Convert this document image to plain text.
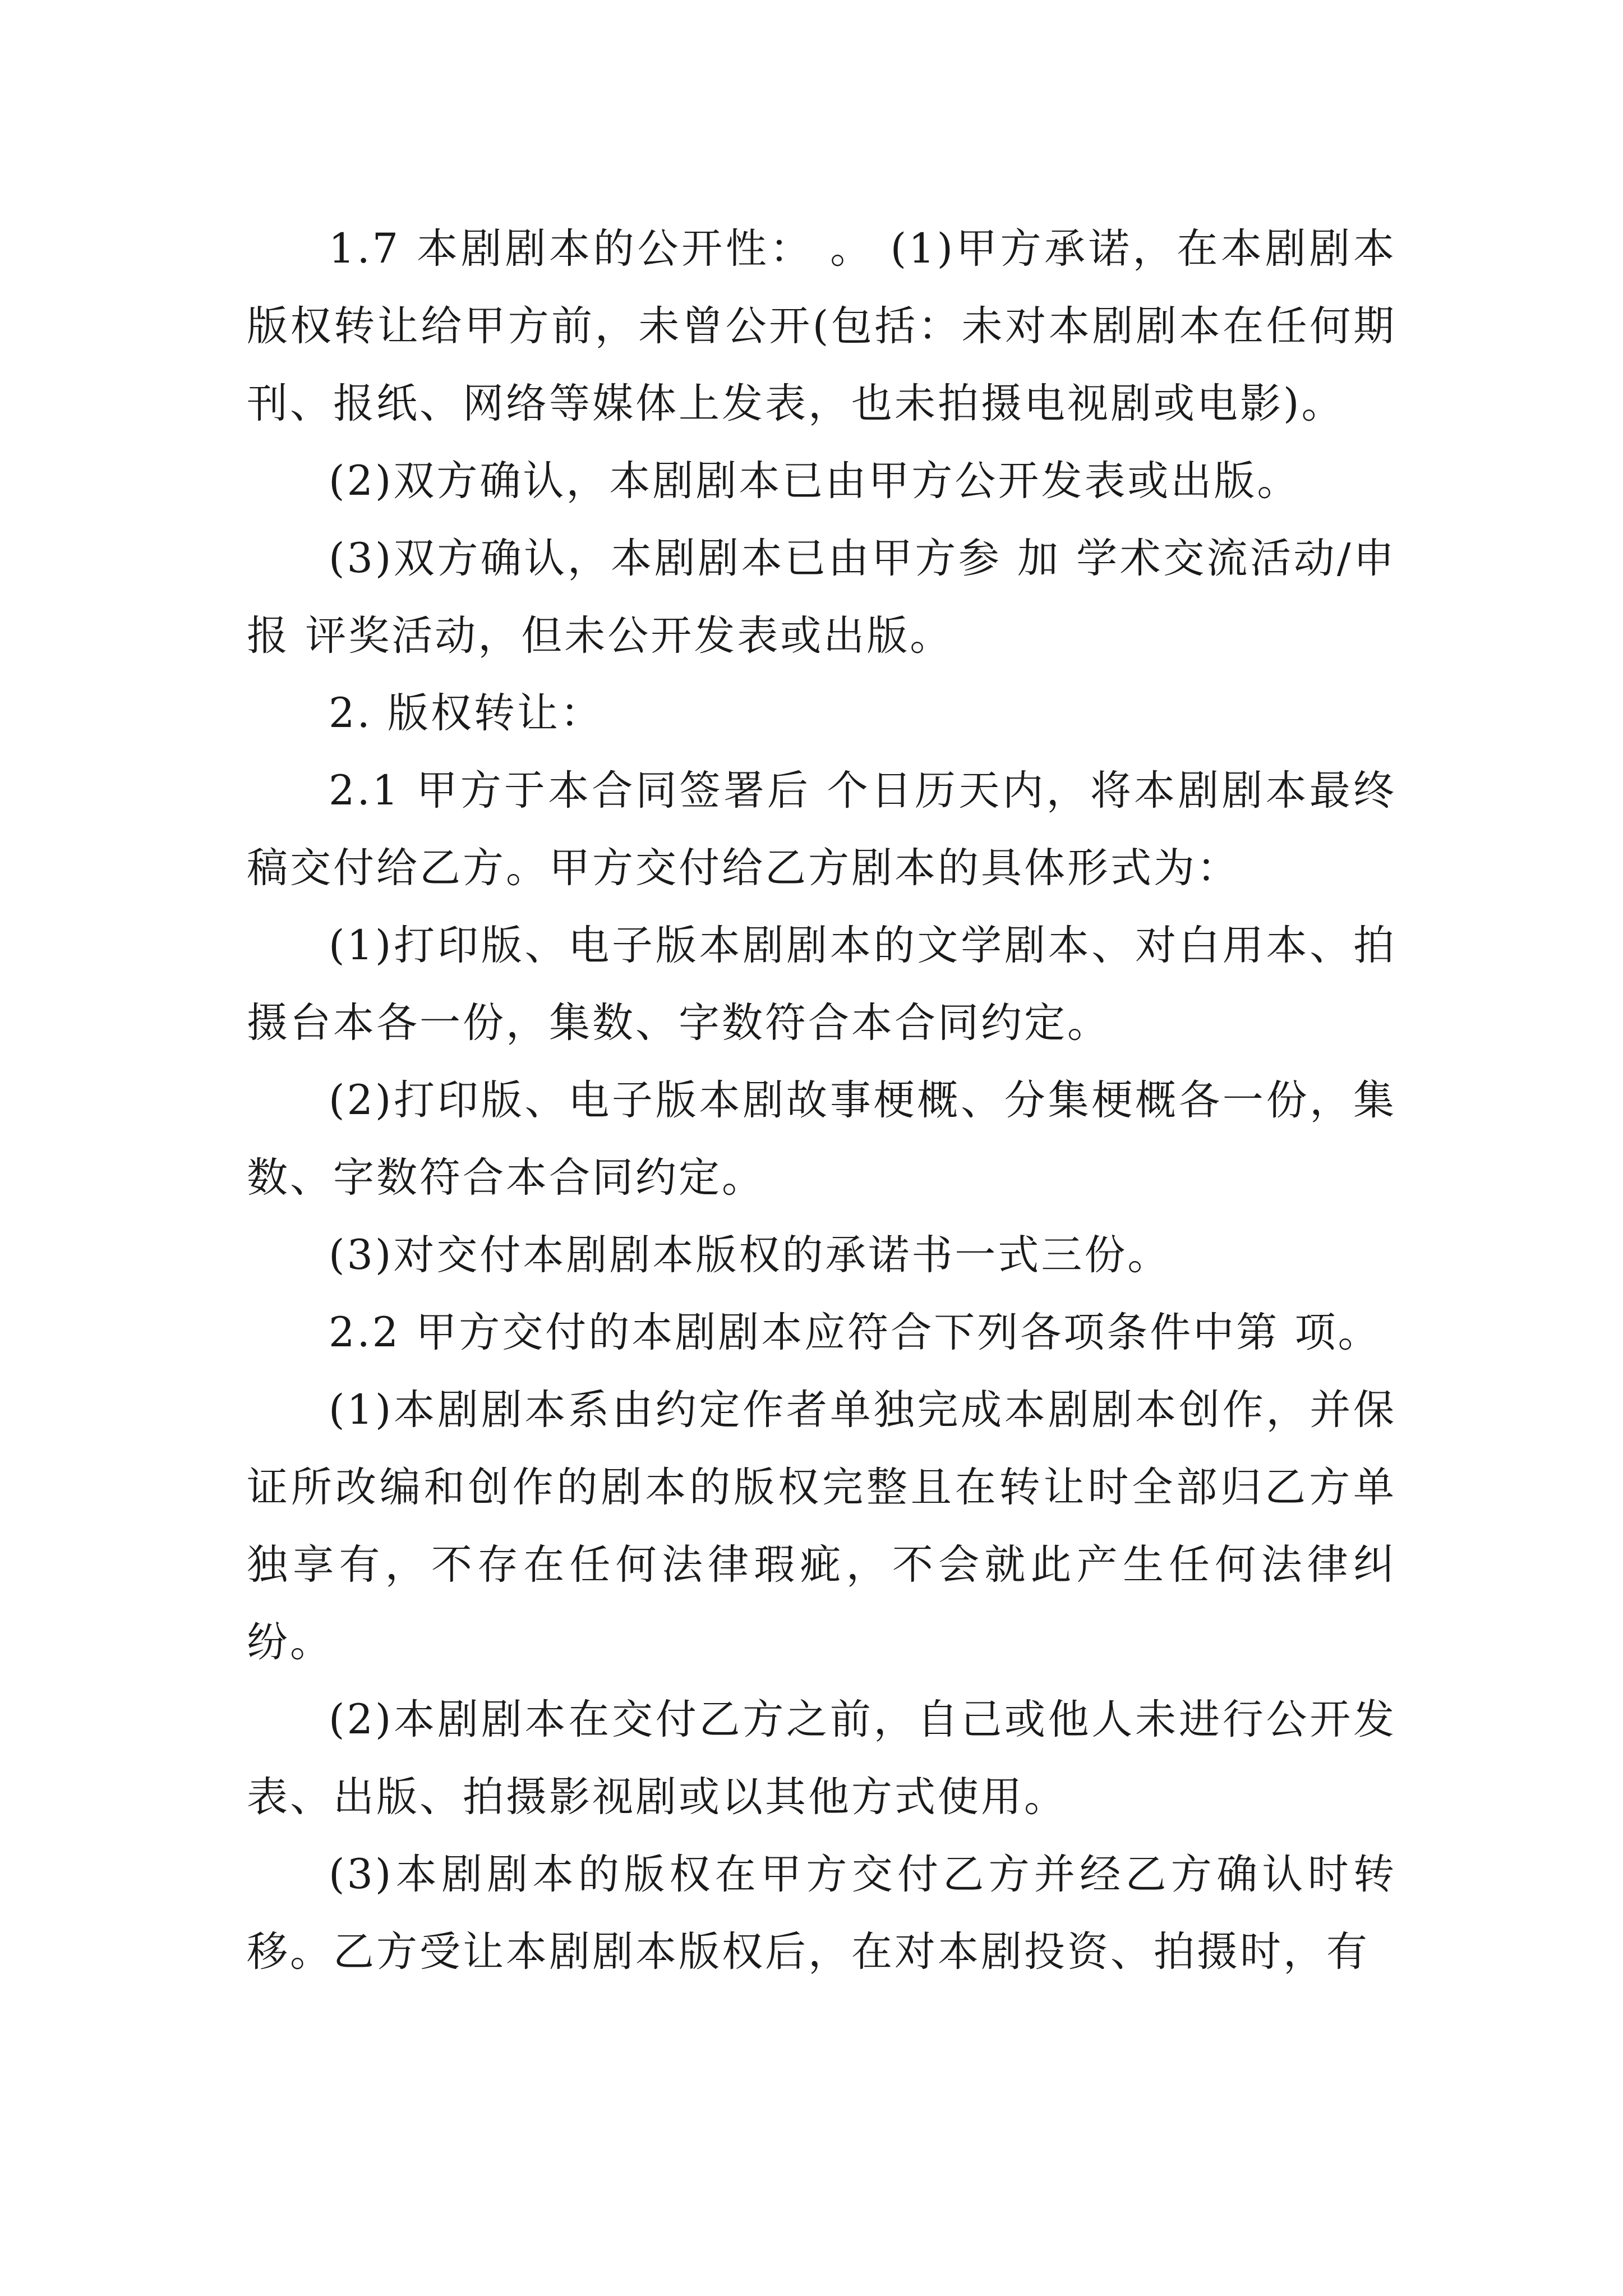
1.7 本剧剧本的公开性： 。 (1)甲方承诺，在本剧剧本版权转让给甲方前，未曾公开(包括：未对本剧剧本在任何期刊、报纸、网络等媒体上发表，也未拍摄电视剧或电影)。

(2)双方确认，本剧剧本已由甲方公开发表或出版。

(3)双方确认，本剧剧本已由甲方参 加 学术交流活动/申报 评奖活动，但未公开发表或出版。

2. 版权转让：

2.1 甲方于本合同签署后 个日历天内，将本剧剧本最终稿交付给乙方。甲方交付给乙方剧本的具体形式为：

(1)打印版、电子版本剧剧本的文学剧本、对白用本、拍摄台本各一份，集数、字数符合本合同约定。

(2)打印版、电子版本剧故事梗概、分集梗概各一份，集数、字数符合本合同约定。

(3)对交付本剧剧本版权的承诺书一式三份。

2.2 甲方交付的本剧剧本应符合下列各项条件中第 项。

(1)本剧剧本系由约定作者单独完成本剧剧本创作，并保证所改编和创作的剧本的版权完整且在转让时全部归乙方单独享有，不存在任何法律瑕疵，不会就此产生任何法律纠纷。

(2)本剧剧本在交付乙方之前，自己或他人未进行公开发表、出版、拍摄影视剧或以其他方式使用。

(3)本剧剧本的版权在甲方交付乙方并经乙方确认时转移。乙方受让本剧剧本版权后，在对本剧投资、拍摄时，有
